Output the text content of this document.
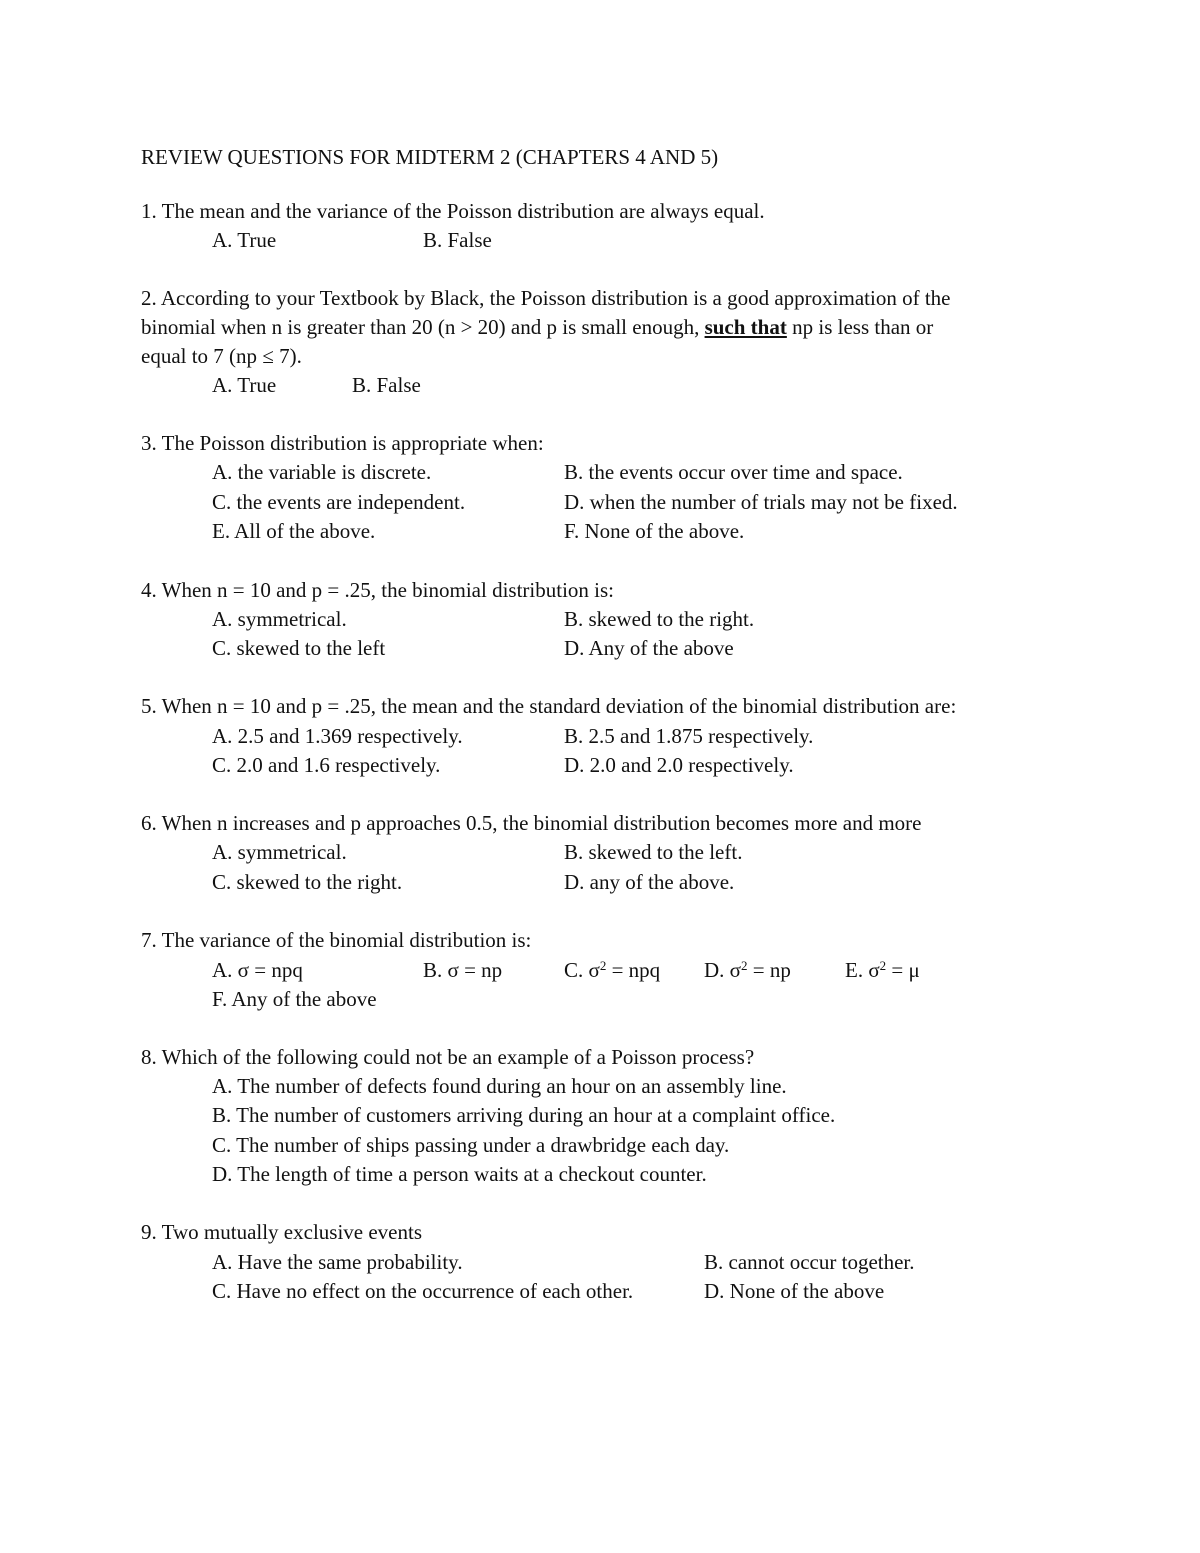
REVIEW QUESTIONS FOR MIDTERM 2 (CHAPTERS 4 AND 5)
1. The mean and the variance of the Poisson distribution are always equal.
A. True	B. False
2. According to your Textbook by Black, the Poisson distribution is a good approximation of the
binomial when n is greater than 20 (n > 20) and p is small enough, such that np is less than or
equal to 7 (np ≤ 7).
A. True	B. False
3. The Poisson distribution is appropriate when:
A. the variable is discrete.	B. the events occur over time and space.
C. the events are independent.	D. when the number of trials may not be fixed.
E. All of the above.	F. None of the above.
4. When n = 10 and p = .25, the binomial distribution is:
A. symmetrical.	B. skewed to the right.
C. skewed to the left	D. Any of the above
5. When n = 10 and p = .25, the mean and the standard deviation of the binomial distribution are:
A. 2.5 and 1.369 respectively.	B. 2.5 and 1.875 respectively.
C. 2.0 and 1.6 respectively.	D. 2.0 and 2.0 respectively.
6. When n increases and p approaches 0.5, the binomial distribution becomes more and more
A. symmetrical.	B. skewed to the left.
C. skewed to the right.	D. any of the above.
7. The variance of the binomial distribution is:
A. σ = npq	B. σ = np	C. $\sigma^2$ = npq D. $\sigma^2$ = np	E. $\sigma^2 = \mu$
F. Any of the above
8. Which of the following could not be an example of a Poisson process?
A. The number of defects found during an hour on an assembly line.
B. The number of customers arriving during an hour at a complaint office.
C. The number of ships passing under a drawbridge each day.
D. The length of time a person waits at a checkout counter.
9. Two mutually exclusive events
A. Have the same probability.	B. cannot occur together.
C. Have no effect on the occurrence of each other.	D. None of the above
